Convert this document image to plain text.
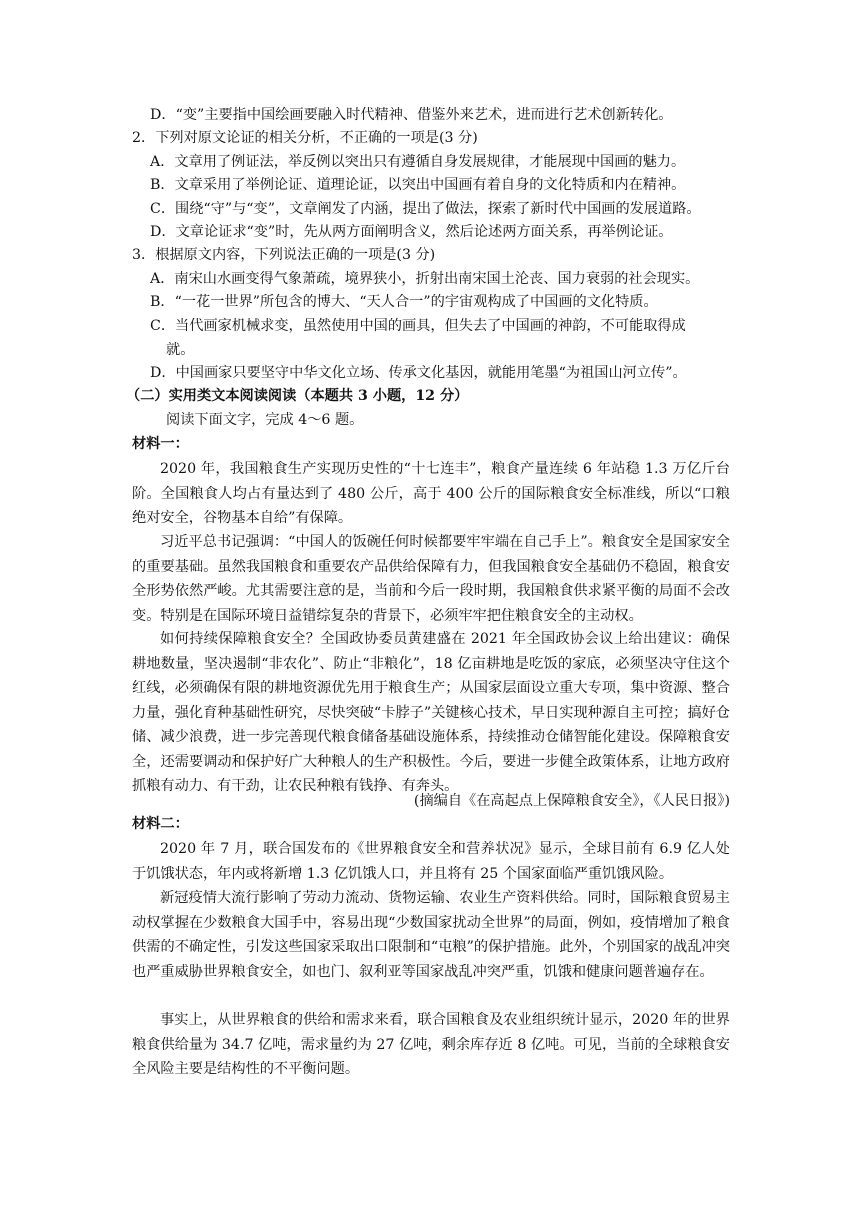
D．“变”主要指中国绘画要融入时代精神、借鉴外来艺术，进而进行艺术创新转化。
2．下列对原文论证的相关分析，不正确的一项是(3 分)
A．文章用了例证法，举反例以突出只有遵循自身发展规律，才能展现中国画的魅力。
B．文章采用了举例论证、道理论证，以突出中国画有着自身的文化特质和内在精神。
C．围绕“守”与“变”，文章阐发了内涵，提出了做法，探索了新时代中国画的发展道路。
D．文章论证求“变”时，先从两方面阐明含义，然后论述两方面关系，再举例论证。
3．根据原文内容，下列说法正确的一项是(3 分)
A．南宋山水画变得气象萧疏，境界狭小，折射出南宋国土沦丧、国力衰弱的社会现实。
B．“一花一世界”所包含的博大、“天人合一”的宇宙观构成了中国画的文化特质。
C．当代画家机械求变，虽然使用中国的画具，但失去了中国画的神韵，不可能取得成
就。
D．中国画家只要坚守中华文化立场、传承文化基因，就能用笔墨“为祖国山河立传”。
（二）实用类文本阅读阅读（本题共 3 小题，12 分）
阅读下面文字，完成 4～6 题。
材料一：
2020 年，我国粮食生产实现历史性的“十七连丰”，粮食产量连续 6 年站稳 1.3 万亿斤台阶。全国粮食人均占有量达到了 480 公斤，高于 400 公斤的国际粮食安全标准线，所以“口粮绝对安全，谷物基本自给”有保障。
习近平总书记强调：“中国人的饭碗任何时候都要牢牢端在自己手上”。粮食安全是国家安全的重要基础。虽然我国粮食和重要农产品供给保障有力，但我国粮食安全基础仍不稳固，粮食安全形势依然严峻。尤其需要注意的是，当前和今后一段时期，我国粮食供求紧平衡的局面不会改变。特别是在国际环境日益错综复杂的背景下，必须牢牢把住粮食安全的主动权。
如何持续保障粮食安全？全国政协委员黄建盛在 2021 年全国政协会议上给出建议：确保耕地数量，坚决遏制“非农化”、防止“非粮化”，18 亿亩耕地是吃饭的家底，必须坚决守住这个红线，必须确保有限的耕地资源优先用于粮食生产；从国家层面设立重大专项，集中资源、整合力量，强化育种基础性研究，尽快突破“卡脖子”关键核心技术，早日实现种源自主可控；搞好仓储、减少浪费，进一步完善现代粮食储备基础设施体系，持续推动仓储智能化建设。保障粮食安全，还需要调动和保护好广大种粮人的生产积极性。今后，要进一步健全政策体系，让地方政府抓粮有动力、有干劲，让农民种粮有钱挣、有奔头。
(摘编自《在高起点上保障粮食安全》，《人民日报》)
材料二：
2020 年 7 月，联合国发布的《世界粮食安全和营养状况》显示，全球目前有 6.9 亿人处于饥饿状态，年内或将新增 1.3 亿饥饿人口，并且将有 25 个国家面临严重饥饿风险。
新冠疫情大流行影响了劳动力流动、货物运输、农业生产资料供给。同时，国际粮食贸易主动权掌握在少数粮食大国手中，容易出现“少数国家扰动全世界”的局面，例如，疫情增加了粮食供需的不确定性，引发这些国家采取出口限制和“屯粮”的保护措施。此外，个别国家的战乱冲突也严重威胁世界粮食安全，如也门、叙利亚等国家战乱冲突严重，饥饿和健康问题普遍存在。
事实上，从世界粮食的供给和需求来看，联合国粮食及农业组织统计显示，2020 年的世界粮食供给量为 34.7 亿吨，需求量约为 27 亿吨，剩余库存近 8 亿吨。可见，当前的全球粮食安全风险主要是结构性的不平衡问题。
